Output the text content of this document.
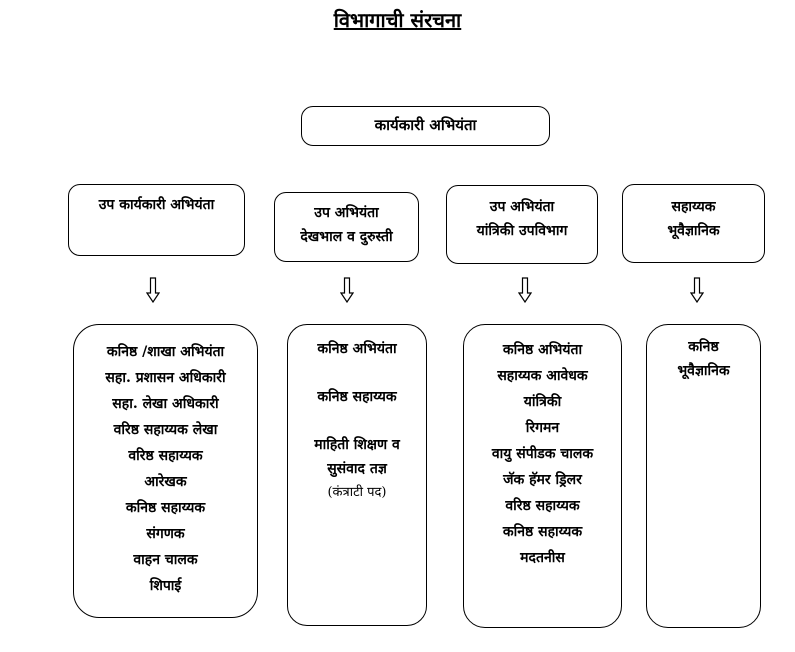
विभागाची संरचना
कार्यकारी अभियंता
उप कार्यकारी अभियंता
कनिष्ठ /शाखा अभियंता
सहा. प्रशासन अधिकारी
सहा. लेखा अधिकारी
वरिष्ठ सहाय्यक लेखा
वरिष्ठ सहाय्यक
आरेखक
कनिष्ठ सहाय्यक
संगणक
वाहन चालक
शिपाई
उप अभियंता
देखभाल व दुरुस्ती
कनिष्ठ अभियंता

कनिष्ठ सहाय्यक

माहिती शिक्षण व
सुसंवाद तज्ञ
(कंत्राटी पद)
उप अभियंता
यांत्रिकी उपविभाग
कनिष्ठ अभियंता
सहाय्यक आवेधक
यांत्रिकी
रिगमन
वायु संपीडक चालक
जॅक हॅमर ड्रिलर
वरिष्ठ सहाय्यक
कनिष्ठ सहाय्यक
मदतनीस
सहाय्यक
भूवैज्ञानिक
कनिष्ठ
भूवैज्ञानिक
